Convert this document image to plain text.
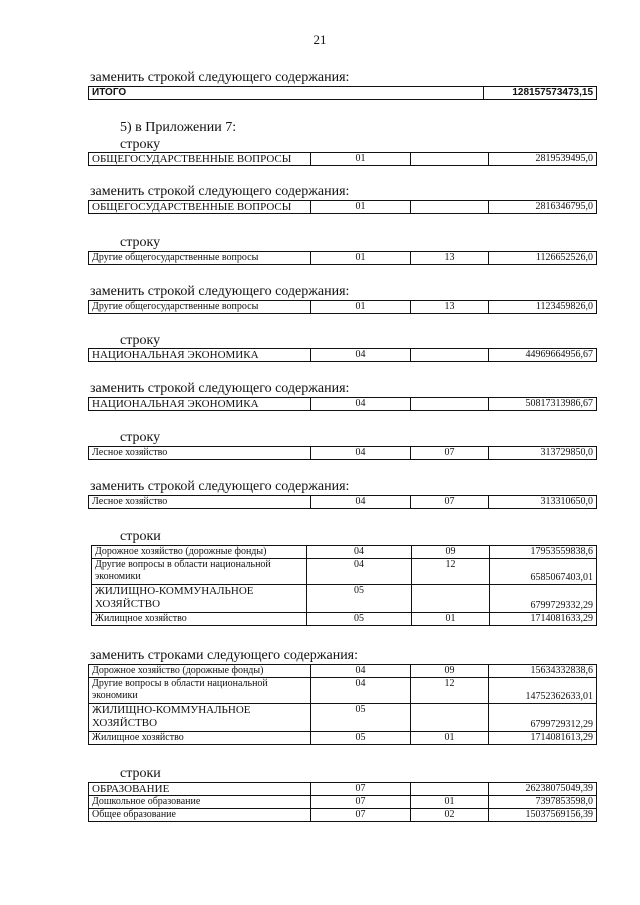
21
заменить строкой следующего содержания:
ИТОГО	128157573473,15
5) в Приложении 7:
строку
ОБЩЕГОСУДАРСТВЕННЫЕ ВОПРОСЫ	01		2819539495,0
заменить строкой следующего содержания:
ОБЩЕГОСУДАРСТВЕННЫЕ ВОПРОСЫ	01		2816346795,0
строку
Другие общегосударственные вопросы	01	13	1126652526,0
заменить строкой следующего содержания:
Другие общегосударственные вопросы	01	13	1123459826,0
строку
НАЦИОНАЛЬНАЯ ЭКОНОМИКА	04		44969664956,67
заменить строкой следующего содержания:
НАЦИОНАЛЬНАЯ ЭКОНОМИКА	04		50817313986,67
строку
Лесное хозяйство	04	07	313729850,0
заменить строкой следующего содержания:
Лесное хозяйство	04	07	313310650,0
строки
Дорожное хозяйство (дорожные фонды)	04	09	17953559838,6
Другие вопросы в области национальной экономики	04	12	6585067403,01
ЖИЛИЩНО-КОММУНАЛЬНОЕ ХОЗЯЙСТВО	05		6799729332,29
Жилищное хозяйство	05	01	1714081633,29
заменить строками следующего содержания:
Дорожное хозяйство (дорожные фонды)	04	09	15634332838,6
Другие вопросы в области национальной экономики	04	12	14752362633,01
ЖИЛИЩНО-КОММУНАЛЬНОЕ ХОЗЯЙСТВО	05		6799729312,29
Жилищное хозяйство	05	01	1714081613,29
строки
ОБРАЗОВАНИЕ	07		26238075049,39
Дошкольное образование	07	01	7397853598,0
Общее образование	07	02	15037569156,39
